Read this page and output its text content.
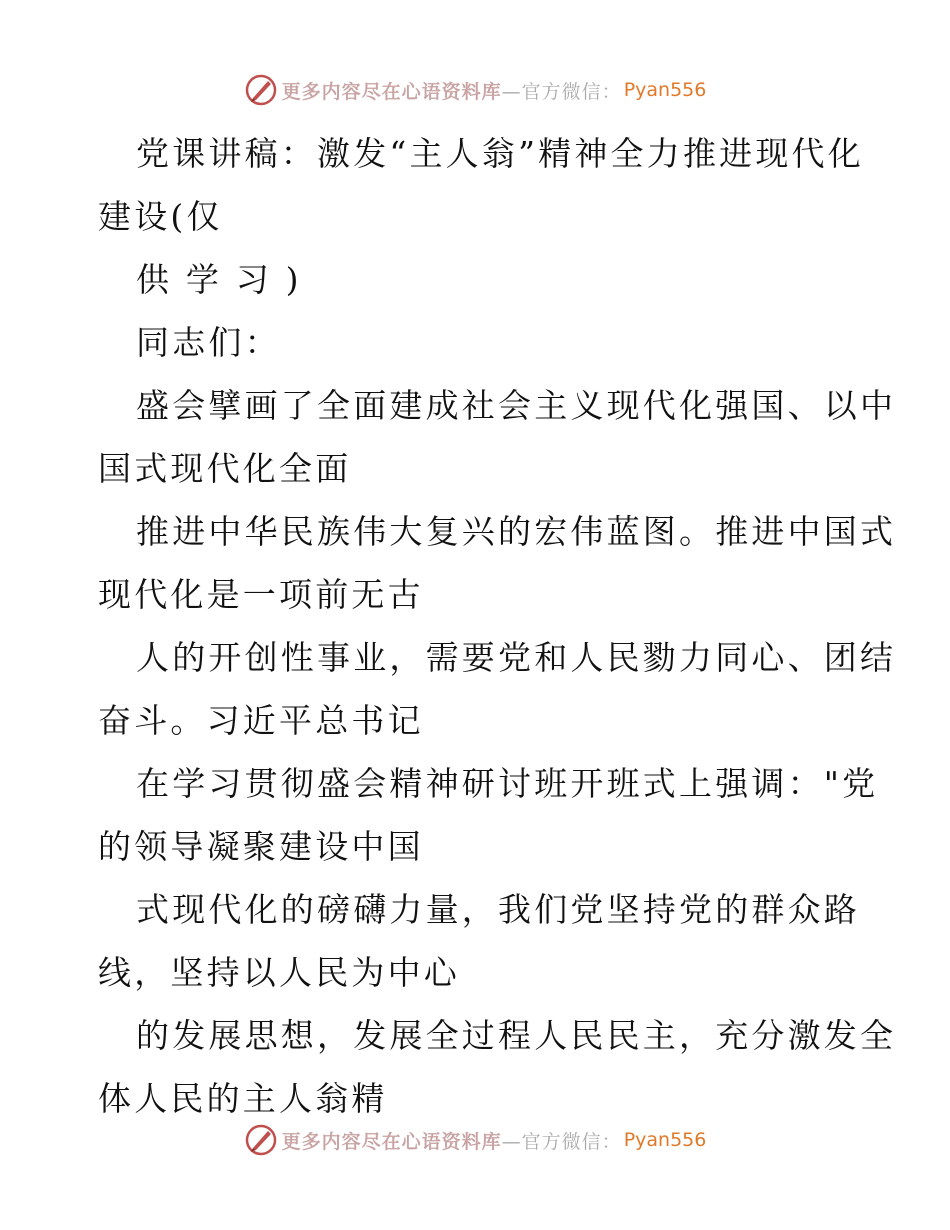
更多内容尽在心语资料库 —官方微信： Pyan556
党课讲稿：激发“主人翁”精神全力推进现代化
建设(仅
供 学 习 )
同志们：
盛会擘画了全面建成社会主义现代化强国、以中
国式现代化全面
推进中华民族伟大复兴的宏伟蓝图。推进中国式
现代化是一项前无古
人的开创性事业，需要党和人民勠力同心、团结
奋斗。习近平总书记
在学习贯彻盛会精神研讨班开班式上强调："党
的领导凝聚建设中国
式现代化的磅礴力量，我们党坚持党的群众路
线，坚持以人民为中心
的发展思想，发展全过程人民民主，充分激发全
体人民的主人翁精
更多内容尽在心语资料库 —官方微信： Pyan556
